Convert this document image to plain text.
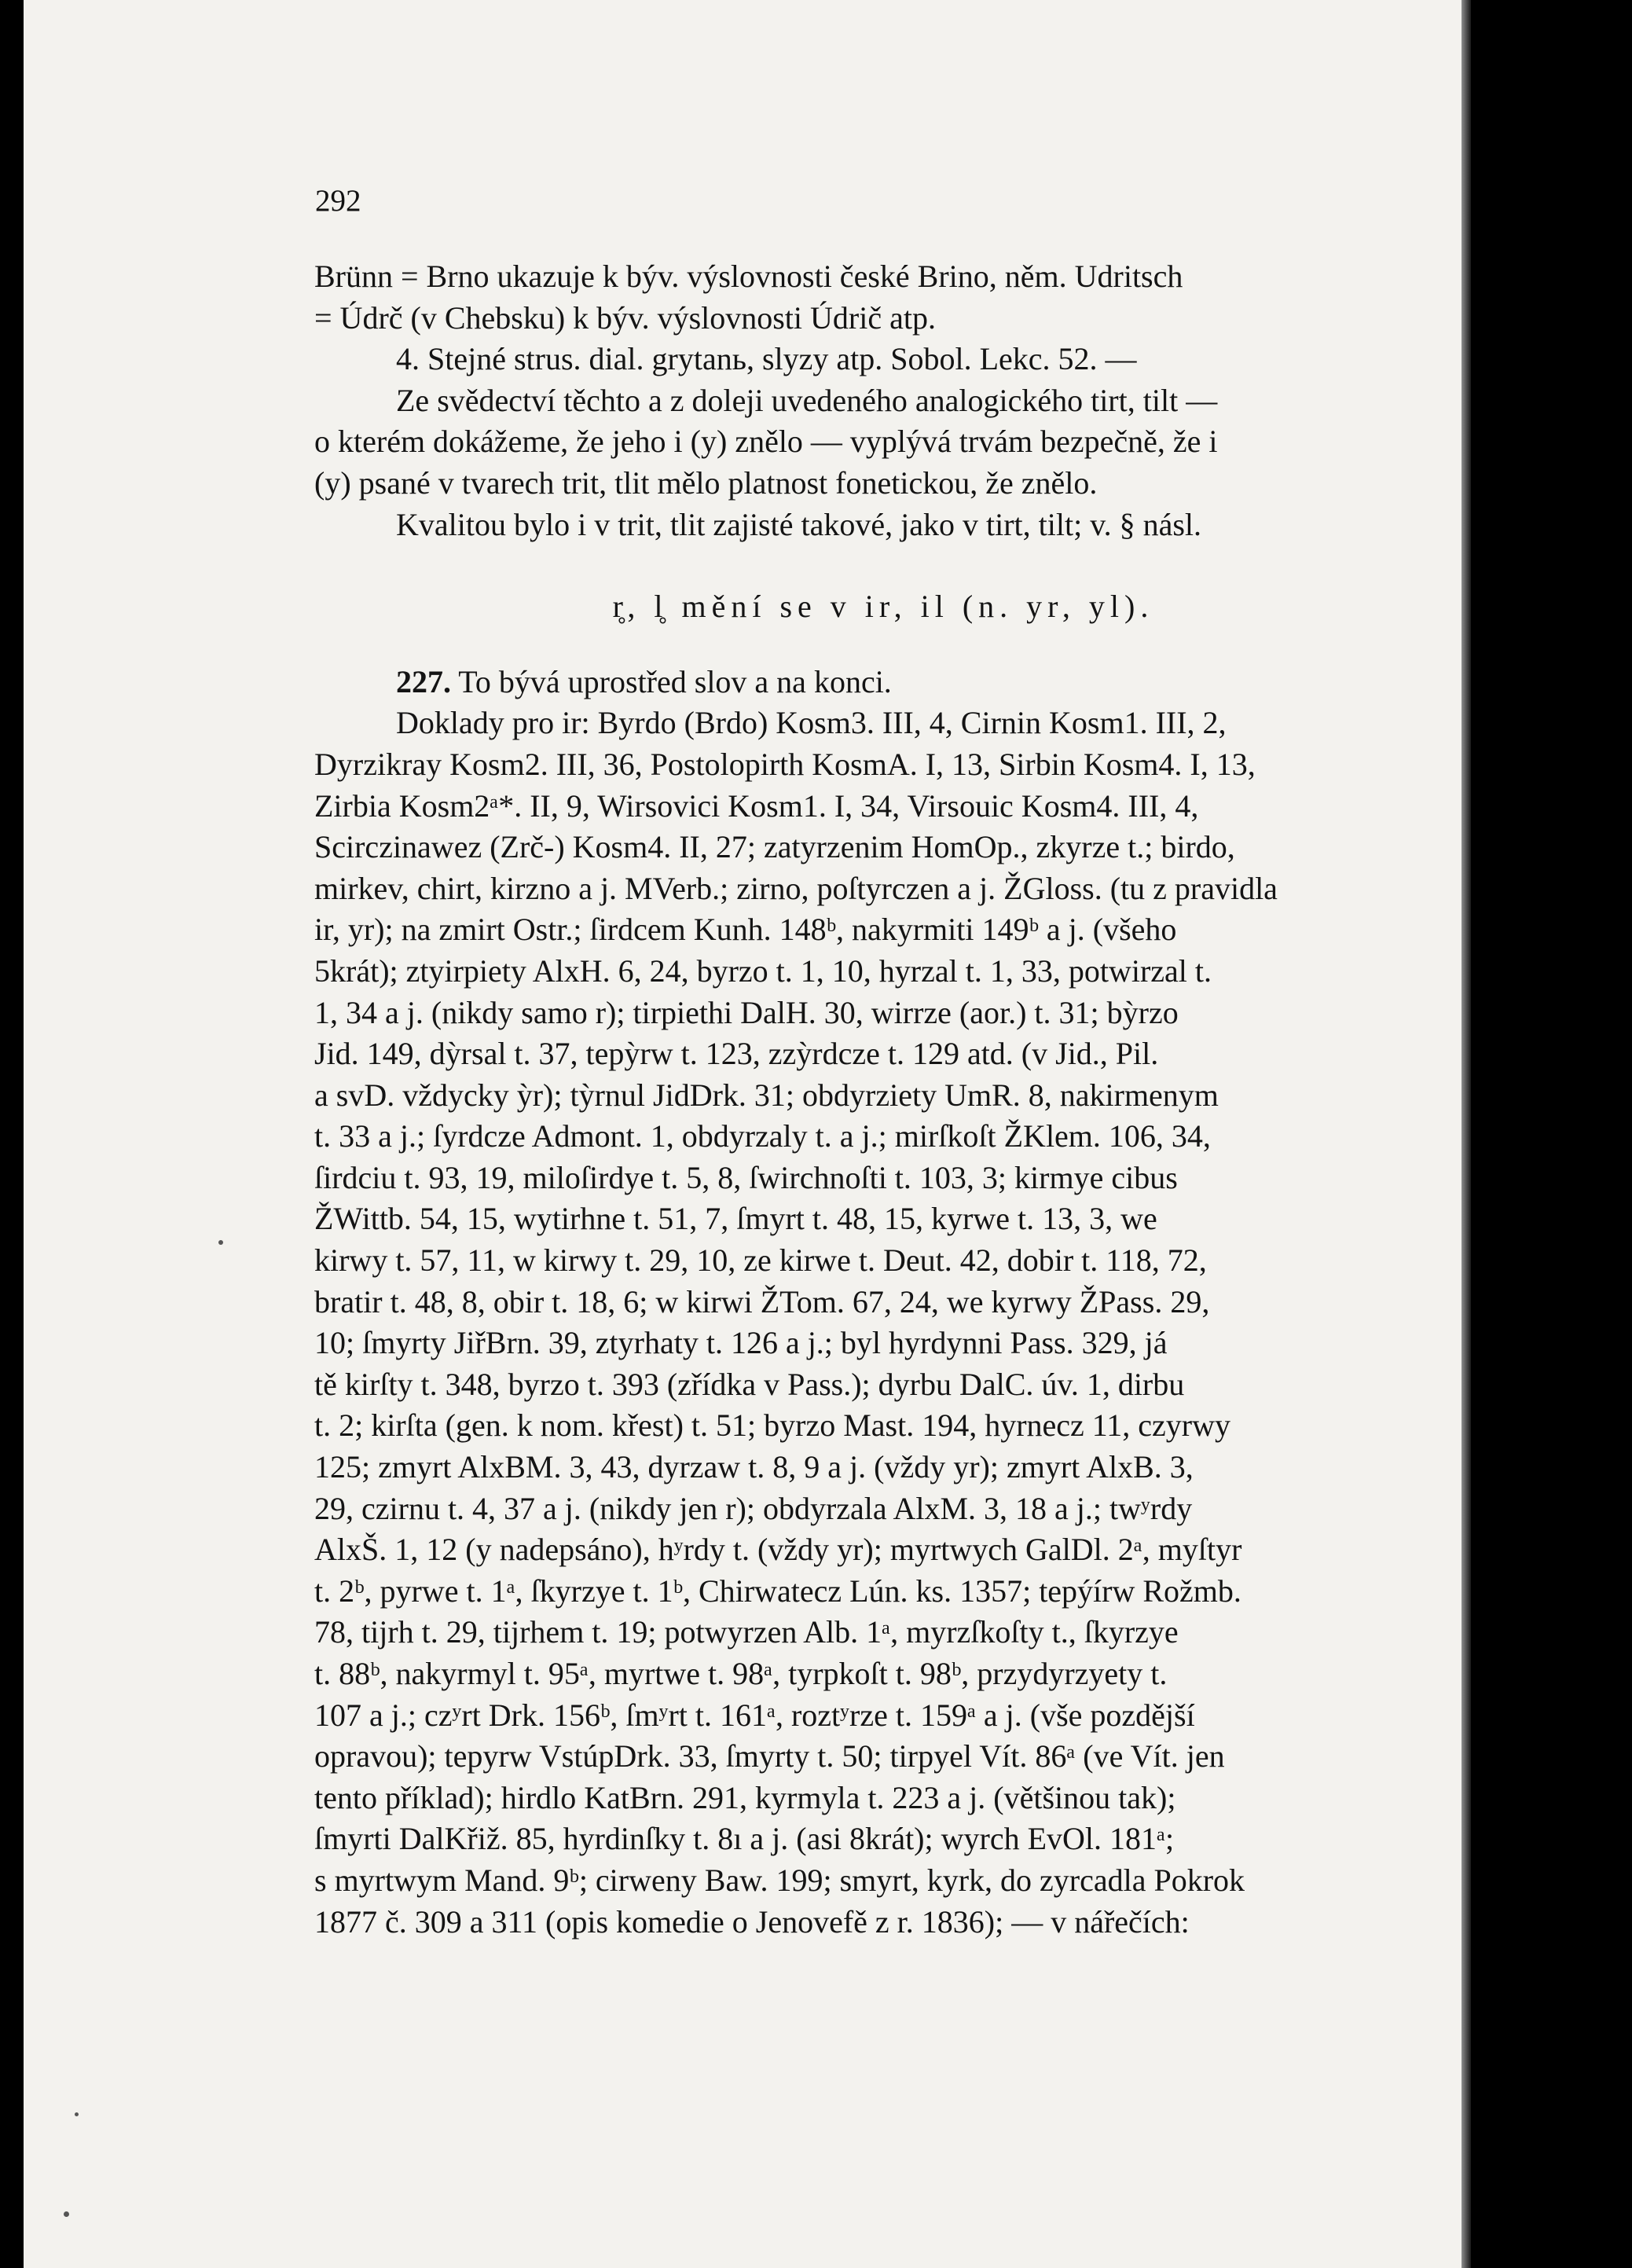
292
Brünn = Brno ukazuje k býv. výslovnosti české Brino, něm. Udritsch
= Údrč (v Chebsku) k býv. výslovnosti Údrič atp.
4. Stejné strus. dial. grytanь, slyzy atp. Sobol. Lekc. 52. —
Ze svědectví těchto a z doleji uvedeného analogického tirt, tilt —
o kterém dokážeme, že jeho i (y) znělo — vyplývá trvám bezpečně, že i
(y) psané v tvarech trit, tlit mělo platnost fonetickou, že znělo.
Kvalitou bylo i v trit, tlit zajisté takové, jako v tirt, tilt; v. § násl.
r̥, l̥ mění se v ir, il (n. yr, yl).
227. To bývá uprostřed slov a na konci.
Doklady pro ir: Byrdo (Brdo) Kosm3. III, 4, Cirnin Kosm1. III, 2,
Dyrzikray Kosm2. III, 36, Postolopirth KosmA. I, 13, Sirbin Kosm4. I, 13,
Zirbia Kosm2ᵃ*. II, 9, Wirsovici Kosm1. I, 34, Virsouic Kosm4. III, 4,
Scirczinawez (Zrč-) Kosm4. II, 27; zatyrzenim HomOp., zkyrze t.; birdo,
mirkev, chirt, kirzno a j. MVerb.; zirno, poſtyrczen a j. ŽGloss. (tu z pravidla
ir, yr); na zmirt Ostr.; ſirdcem Kunh. 148ᵇ, nakyrmiti 149ᵇ a j. (všeho
5krát); ztyirpiety AlxH. 6, 24, byrzo t. 1, 10, hyrzal t. 1, 33, potwirzal t.
1, 34 a j. (nikdy samo r); tirpiethi DalH. 30, wirrze (aor.) t. 31; bỳrzo
Jid. 149, dỳrsal t. 37, tepỳrw t. 123, zzỳrdcze t. 129 atd. (v Jid., Pil.
a svD. vždycky ỳr); tỳrnul JidDrk. 31; obdyrziety UmR. 8, nakirmenym
t. 33 a j.; ſyrdcze Admont. 1, obdyrzaly t. a j.; mirſkoſt ŽKlem. 106, 34,
ſirdciu t. 93, 19, miloſirdye t. 5, 8, ſwirchnoſti t. 103, 3; kirmye cibus
ŽWittb. 54, 15, wytirhne t. 51, 7, ſmyrt t. 48, 15, kyrwe t. 13, 3, we
kirwy t. 57, 11, w kirwy t. 29, 10, ze kirwe t. Deut. 42, dobir t. 118, 72,
bratir t. 48, 8, obir t. 18, 6; w kirwi ŽTom. 67, 24, we kyrwy ŽPass. 29,
10; ſmyrty JiřBrn. 39, ztyrhaty t. 126 a j.; byl hyrdynni Pass. 329, já
tě kirſty t. 348, byrzo t. 393 (zřídka v Pass.); dyrbu DalC. úv. 1, dirbu
t. 2; kirſta (gen. k nom. křest) t. 51; byrzo Mast. 194, hyrnecz 11, czyrwy
125; zmyrt AlxBM. 3, 43, dyrzaw t. 8, 9 a j. (vždy yr); zmyrt AlxB. 3,
29, czirnu t. 4, 37 a j. (nikdy jen r); obdyrzala AlxM. 3, 18 a j.; twʸrdy
AlxŠ. 1, 12 (y nadepsáno), hʸrdy t. (vždy yr); myrtwych GalDl. 2ᵃ, myſtyr
t. 2ᵇ, pyrwe t. 1ᵃ, ſkyrzye t. 1ᵇ, Chirwatecz Lún. ks. 1357; tepýírw Rožmb.
78, tijrh t. 29, tijrhem t. 19; potwyrzen Alb. 1ᵃ, myrzſkoſty t., ſkyrzye
t. 88ᵇ, nakyrmyl t. 95ᵃ, myrtwe t. 98ᵃ, tyrpkoſt t. 98ᵇ, przydyrzyety t.
107 a j.; czʸrt Drk. 156ᵇ, ſmʸrt t. 161ᵃ, roztʸrze t. 159ᵃ a j. (vše pozdější
opravou); tepyrw VstúpDrk. 33, ſmyrty t. 50; tirpyel Vít. 86ᵃ (ve Vít. jen
tento příklad); hirdlo KatBrn. 291, kyrmyla t. 223 a j. (většinou tak);
ſmyrti DalKřiž. 85, hyrdinſky t. 8ı a j. (asi 8krát); wyrch EvOl. 181ᵃ;
s myrtwym Mand. 9ᵇ; cirweny Baw. 199; smyrt, kyrk, do zyrcadla Pokrok
1877 č. 309 a 311 (opis komedie o Jenovefě z r. 1836); — v nářečích:
